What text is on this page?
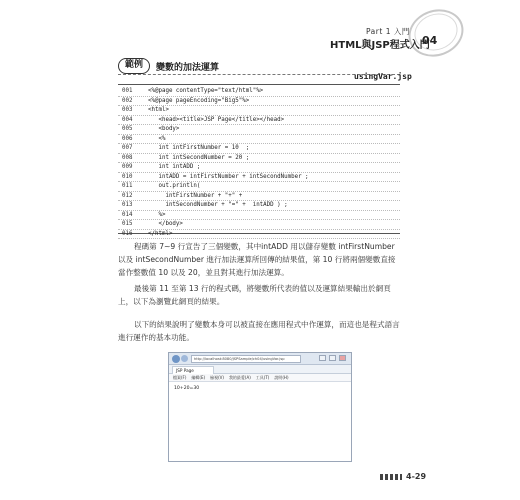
Part 1 入門
HTML與JSP程式入門
04
範例	變數的加法運算
usingVar.jsp
001	<%@page contentType="text/html"%>
002	<%@page pageEncoding="Big5"%>
003	<html>
004	<head><title>JSP Page</title></head>
005	<body>
006	<%
007	int intFirstNumber = 10  ;
008	int intSecondNumber = 20 ;
009	int intADD ;
010	intADD = intFirstNumber + intSecondNumber ;
011	out.println(
012	intFirstNumber + "+" +
013	intSecondNumber + "=" +  intADD ) ;
014	%>
015	</body>
016	</html>

程碼第 7~9 行宣告了三個變數，其中intADD 用以儲存變數 intFirstNumber 以及 intSecondNumber 進行加法運算所回傳的結果值，第 10 行將兩個變數直接當作整數值 10 以及 20，並且對其進行加法運算。

最後第 11 至第 13 行的程式碼，將變數所代表的值以及運算結果輸出於網頁上，以下為瀏覽此網頁的結果。

以下的結果說明了變數本身可以被直接在應用程式中作運算，而這也是程式語言進行運作的基本功能。

http://localhost:8080/JSPSample/ch04/usingVar.jsp
JSP Page
檔案(F) 編輯(E) 檢視(V) 我的最愛(A) 工具(T) 說明(H)
10+20=30
4-29
